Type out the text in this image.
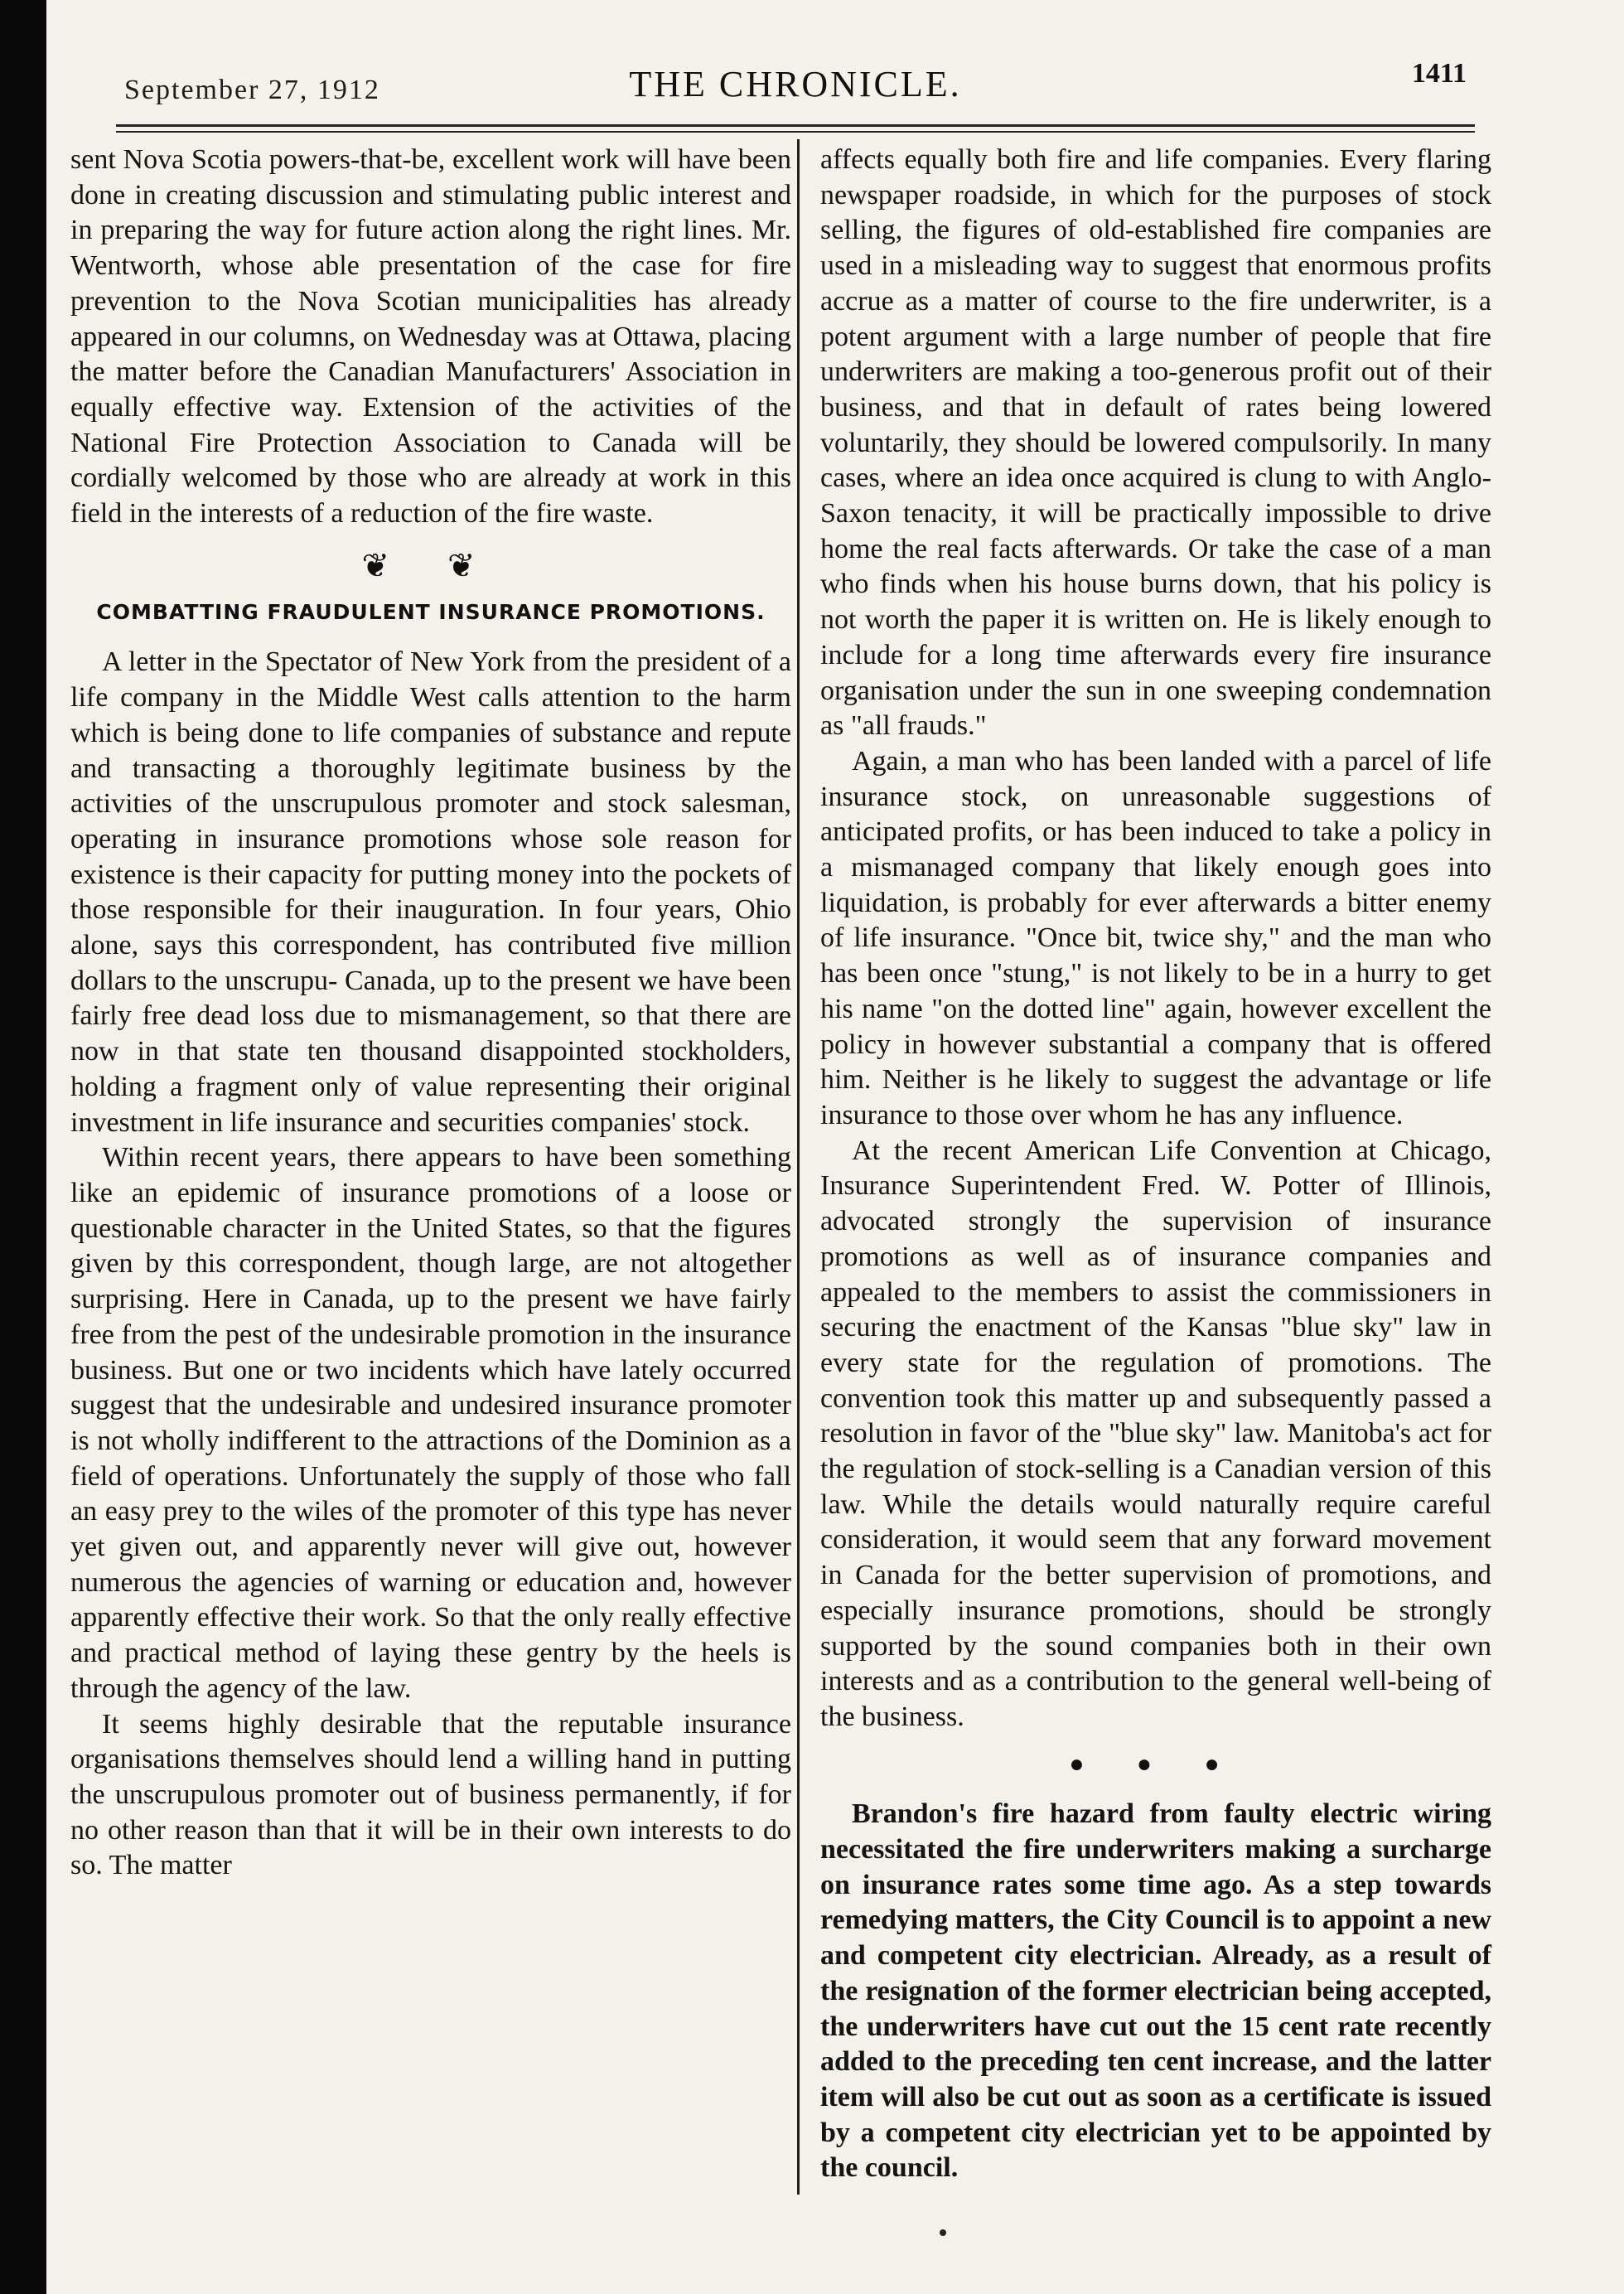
September 27, 1912	THE CHRONICLE.	1411

sent Nova Scotia powers-that-be, excellent work will have been done in creating discussion and stimulating public interest and in preparing the way for future action along the right lines. Mr. Wentworth, whose able presentation of the case for fire prevention to the Nova Scotian municipalities has already appeared in our columns, on Wednesday was at Ottawa, placing the matter before the Canadian Manufacturers' Association in equally effective way. Extension of the activities of the National Fire Protection Association to Canada will be cordially welcomed by those who are already at work in this field in the interests of a reduction of the fire waste.

❦ ❦
COMBATTING FRAUDULENT INSURANCE PROMOTIONS.

A letter in the Spectator of New York from the president of a life company in the Middle West calls attention to the harm which is being done to life companies of substance and repute and transacting a thoroughly legitimate business by the activities of the unscrupulous promoter and stock salesman, operating in insurance promotions whose sole reason for existence is their capacity for putting money into the pockets of those responsible for their inauguration. In four years, Ohio alone, says this correspondent, has contributed five million dollars to the unscrupu- Canada, up to the present we have been fairly free dead loss due to mismanagement, so that there are now in that state ten thousand disappointed stockholders, holding a fragment only of value representing their original investment in life insurance and securities companies' stock.

Within recent years, there appears to have been something like an epidemic of insurance promotions of a loose or questionable character in the United States, so that the figures given by this correspondent, though large, are not altogether surprising. Here in Canada, up to the present we have fairly free from the pest of the undesirable promotion in the insurance business. But one or two incidents which have lately occurred suggest that the undesirable and undesired insurance promoter is not wholly indifferent to the attractions of the Dominion as a field of operations. Unfortunately the supply of those who fall an easy prey to the wiles of the promoter of this type has never yet given out, and apparently never will give out, however numerous the agencies of warning or education and, however apparently effective their work. So that the only really effective and practical method of laying these gentry by the heels is through the agency of the law.

It seems highly desirable that the reputable insurance organisations themselves should lend a willing hand in putting the unscrupulous promoter out of business permanently, if for no other reason than that it will be in their own interests to do so. The matter

affects equally both fire and life companies. Every flaring newspaper roadside, in which for the purposes of stock selling, the figures of old-established fire companies are used in a misleading way to suggest that enormous profits accrue as a matter of course to the fire underwriter, is a potent argument with a large number of people that fire underwriters are making a too-generous profit out of their business, and that in default of rates being lowered voluntarily, they should be lowered compulsorily. In many cases, where an idea once acquired is clung to with Anglo-Saxon tenacity, it will be practically impossible to drive home the real facts afterwards. Or take the case of a man who finds when his house burns down, that his policy is not worth the paper it is written on. He is likely enough to include for a long time afterwards every fire insurance organisation under the sun in one sweeping condemnation as "all frauds."

Again, a man who has been landed with a parcel of life insurance stock, on unreasonable suggestions of anticipated profits, or has been induced to take a policy in a mismanaged company that likely enough goes into liquidation, is probably for ever afterwards a bitter enemy of life insurance. "Once bit, twice shy," and the man who has been once "stung," is not likely to be in a hurry to get his name "on the dotted line" again, however excellent the policy in however substantial a company that is offered him. Neither is he likely to suggest the advantage or life insurance to those over whom he has any influence.

At the recent American Life Convention at Chicago, Insurance Superintendent Fred. W. Potter of Illinois, advocated strongly the supervision of insurance promotions as well as of insurance companies and appealed to the members to assist the commissioners in securing the enactment of the Kansas "blue sky" law in every state for the regulation of promotions. The convention took this matter up and subsequently passed a resolution in favor of the "blue sky" law. Manitoba's act for the regulation of stock-selling is a Canadian version of this law. While the details would naturally require careful consideration, it would seem that any forward movement in Canada for the better supervision of promotions, and especially insurance promotions, should be strongly supported by the sound companies both in their own interests and as a contribution to the general well-being of the business.

● ● ●

Brandon's fire hazard from faulty electric wiring necessitated the fire underwriters making a surcharge on insurance rates some time ago. As a step towards remedying matters, the City Council is to appoint a new and competent city electrician. Already, as a result of the resignation of the former electrician being accepted, the underwriters have cut out the 15 cent rate recently added to the preceding ten cent increase, and the latter item will also be cut out as soon as a certificate is issued by a competent city electrician yet to be appointed by the council.
